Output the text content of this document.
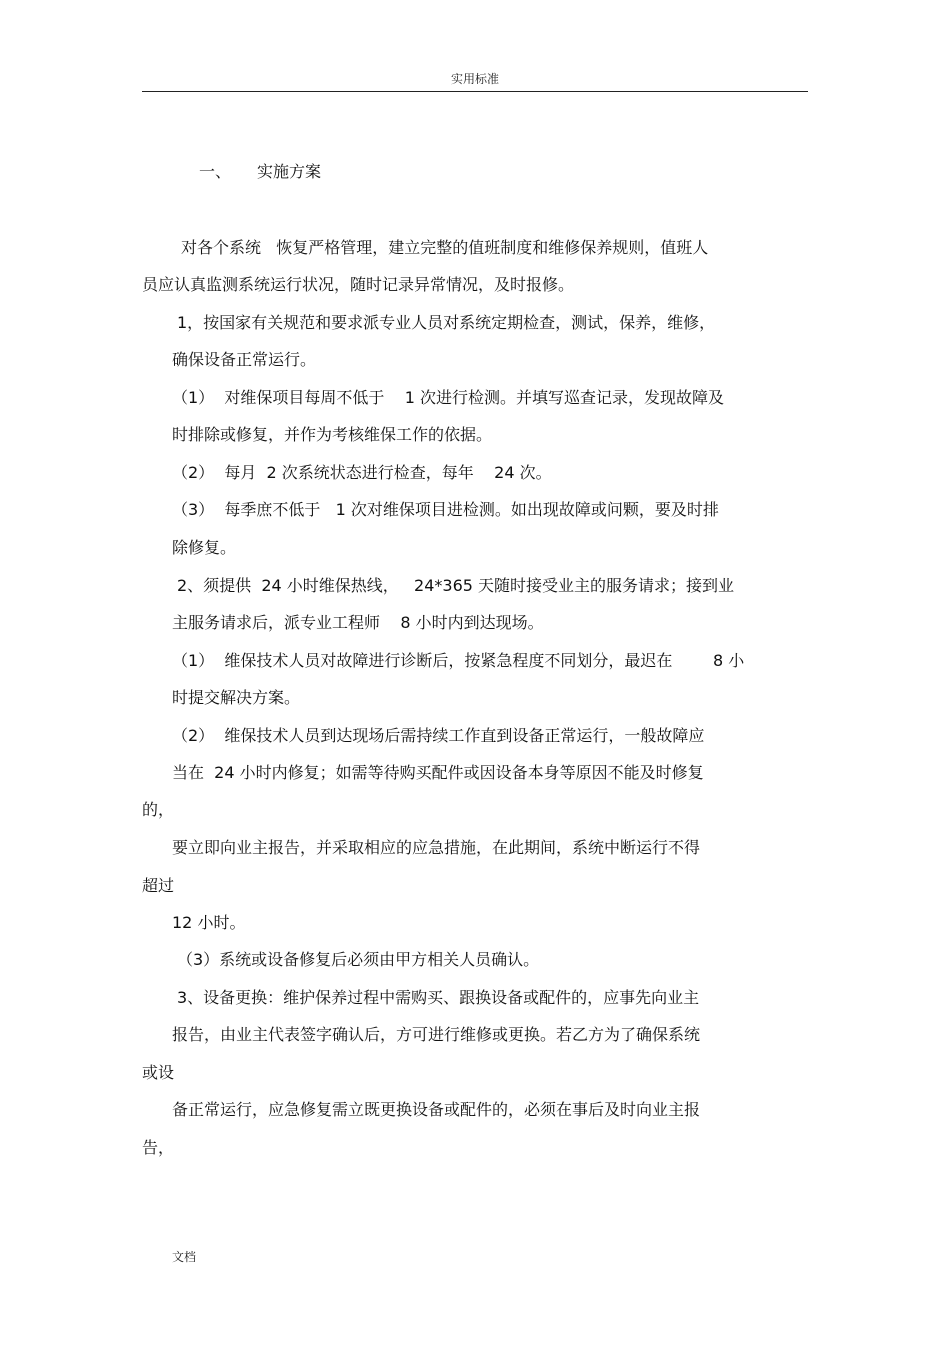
实用标准
一、 实施方案
对各个系统   恢复严格管理，建立完整的值班制度和维修保养规则，值班人
员应认真监测系统运行状况，随时记录异常情况，及时报修。
1，按国家有关规范和要求派专业人员对系统定期检查，测试，保养，维修，
确保设备正常运行。
（1）  对维保项目每周不低于    1 次进行检测。并填写巡查记录，发现故障及
时排除或修复，并作为考核维保工作的依据。
（2）  每月  2 次系统状态进行检查，每年    24 次。
（3）  每季庶不低于   1 次对维保项目进检测。如出现故障或问颗，要及时排
除修复。
2、须提供  24 小时维保热线，   24*365 天随时接受业主的服务请求；接到业
主服务请求后，派专业工程师    8 小时内到达现场。
（1）  维保技术人员对故障进行诊断后，按紧急程度不同划分，最迟在        8 小
时提交解决方案。
（2）  维保技术人员到达现场后需持续工作直到设备正常运行，一般故障应
当在  24 小时内修复；如需等待购买配件或因设备本身等原因不能及时修复
的，
要立即向业主报告，并采取相应的应急措施，在此期间，系统中断运行不得
超过
12 小时。
（3）系统或设备修复后必须由甲方相关人员确认。
3、设备更换：维护保养过程中需购买、跟换设备或配件的，应事先向业主
报告，由业主代表签字确认后，方可进行维修或更换。若乙方为了确保系统
或设
备正常运行，应急修复需立既更换设备或配件的，必须在事后及时向业主报
告，
文档
